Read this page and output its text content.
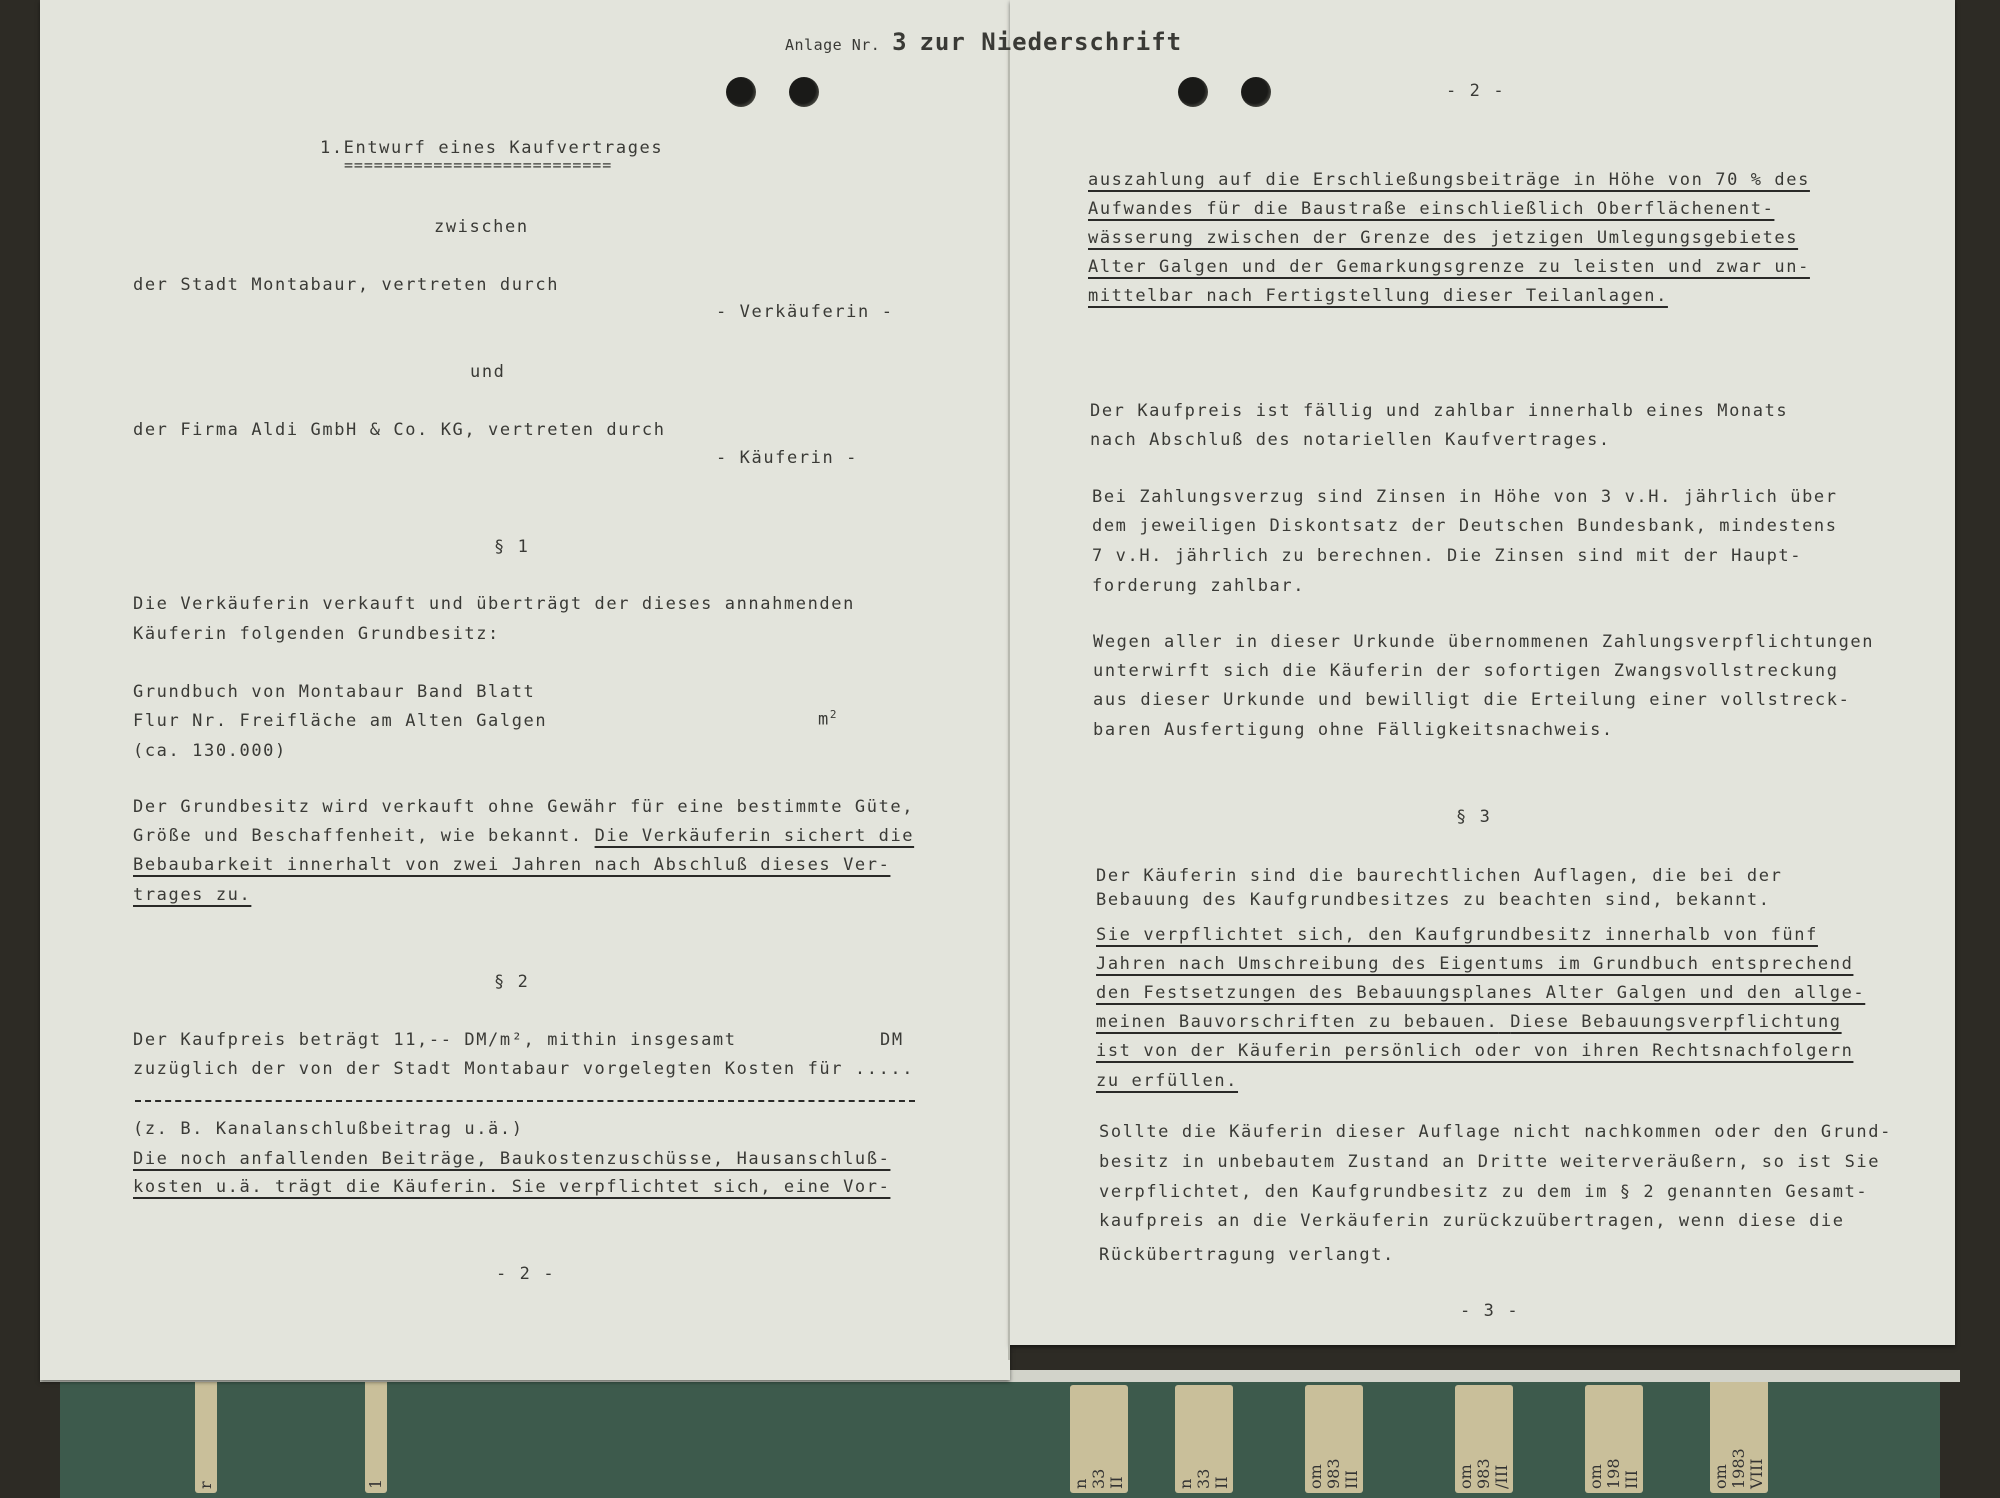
r	1	n
33
II	n
33
II	om
983
III	om
983
/III	om
198
III	om
1983
VIII
Anlage Nr. 3 zur Niederschrift
1.Entwurf eines Kaufvertrages
===========================
zwischen
der Stadt Montabaur, vertreten durch
- Verkäuferin -
und
der Firma Aldi GmbH & Co. KG, vertreten durch
- Käuferin -
§ 1
Die Verkäuferin verkauft und überträgt der dieses annahmenden
Käuferin folgenden Grundbesitz:
Grundbuch von Montabaur Band Blatt
Flur Nr. Freifläche am Alten Galgen	$m^2$
(ca. 130.000)
Der Grundbesitz wird verkauft ohne Gewähr für eine bestimmte Güte,
Größe und Beschaffenheit, wie bekannt. Die Verkäuferin sichert die
Bebaubarkeit innerhalt von zwei Jahren nach Abschluß dieses Ver-
trages zu.
§ 2
Der Kaufpreis beträgt 11,-- DM/m², mithin insgesamt	DM
zuzüglich der von der Stadt Montabaur vorgelegten Kosten für .....
(z. B. Kanalanschlußbeitrag u.ä.)
Die noch anfallenden Beiträge, Baukostenzuschüsse, Hausanschluß-
kosten u.ä. trägt die Käuferin. Sie verpflichtet sich, eine Vor-
- 2 -
- 2 -
auszahlung auf die Erschließungsbeiträge in Höhe von 70 % des
Aufwandes für die Baustraße einschließlich Oberflächenent-
wässerung zwischen der Grenze des jetzigen Umlegungsgebietes
Alter Galgen und der Gemarkungsgrenze zu leisten und zwar un-
mittelbar nach Fertigstellung dieser Teilanlagen.
Der Kaufpreis ist fällig und zahlbar innerhalb eines Monats
nach Abschluß des notariellen Kaufvertrages.
Bei Zahlungsverzug sind Zinsen in Höhe von 3 v.H. jährlich über
dem jeweiligen Diskontsatz der Deutschen Bundesbank, mindestens
7 v.H. jährlich zu berechnen. Die Zinsen sind mit der Haupt-
forderung zahlbar.
Wegen aller in dieser Urkunde übernommenen Zahlungsverpflichtungen
unterwirft sich die Käuferin der sofortigen Zwangsvollstreckung
aus dieser Urkunde und bewilligt die Erteilung einer vollstreck-
baren Ausfertigung ohne Fälligkeitsnachweis.
§ 3
Der Käuferin sind die baurechtlichen Auflagen, die bei der
Bebauung des Kaufgrundbesitzes zu beachten sind, bekannt.
Sie verpflichtet sich, den Kaufgrundbesitz innerhalb von fünf
Jahren nach Umschreibung des Eigentums im Grundbuch entsprechend
den Festsetzungen des Bebauungsplanes Alter Galgen und den allge-
meinen Bauvorschriften zu bebauen. Diese Bebauungsverpflichtung
ist von der Käuferin persönlich oder von ihren Rechtsnachfolgern
zu erfüllen.
Sollte die Käuferin dieser Auflage nicht nachkommen oder den Grund-
besitz in unbebautem Zustand an Dritte weiterveräußern, so ist Sie
verpflichtet, den Kaufgrundbesitz zu dem im § 2 genannten Gesamt-
kaufpreis an die Verkäuferin zurückzuübertragen, wenn diese die
Rückübertragung verlangt.
- 3 -
